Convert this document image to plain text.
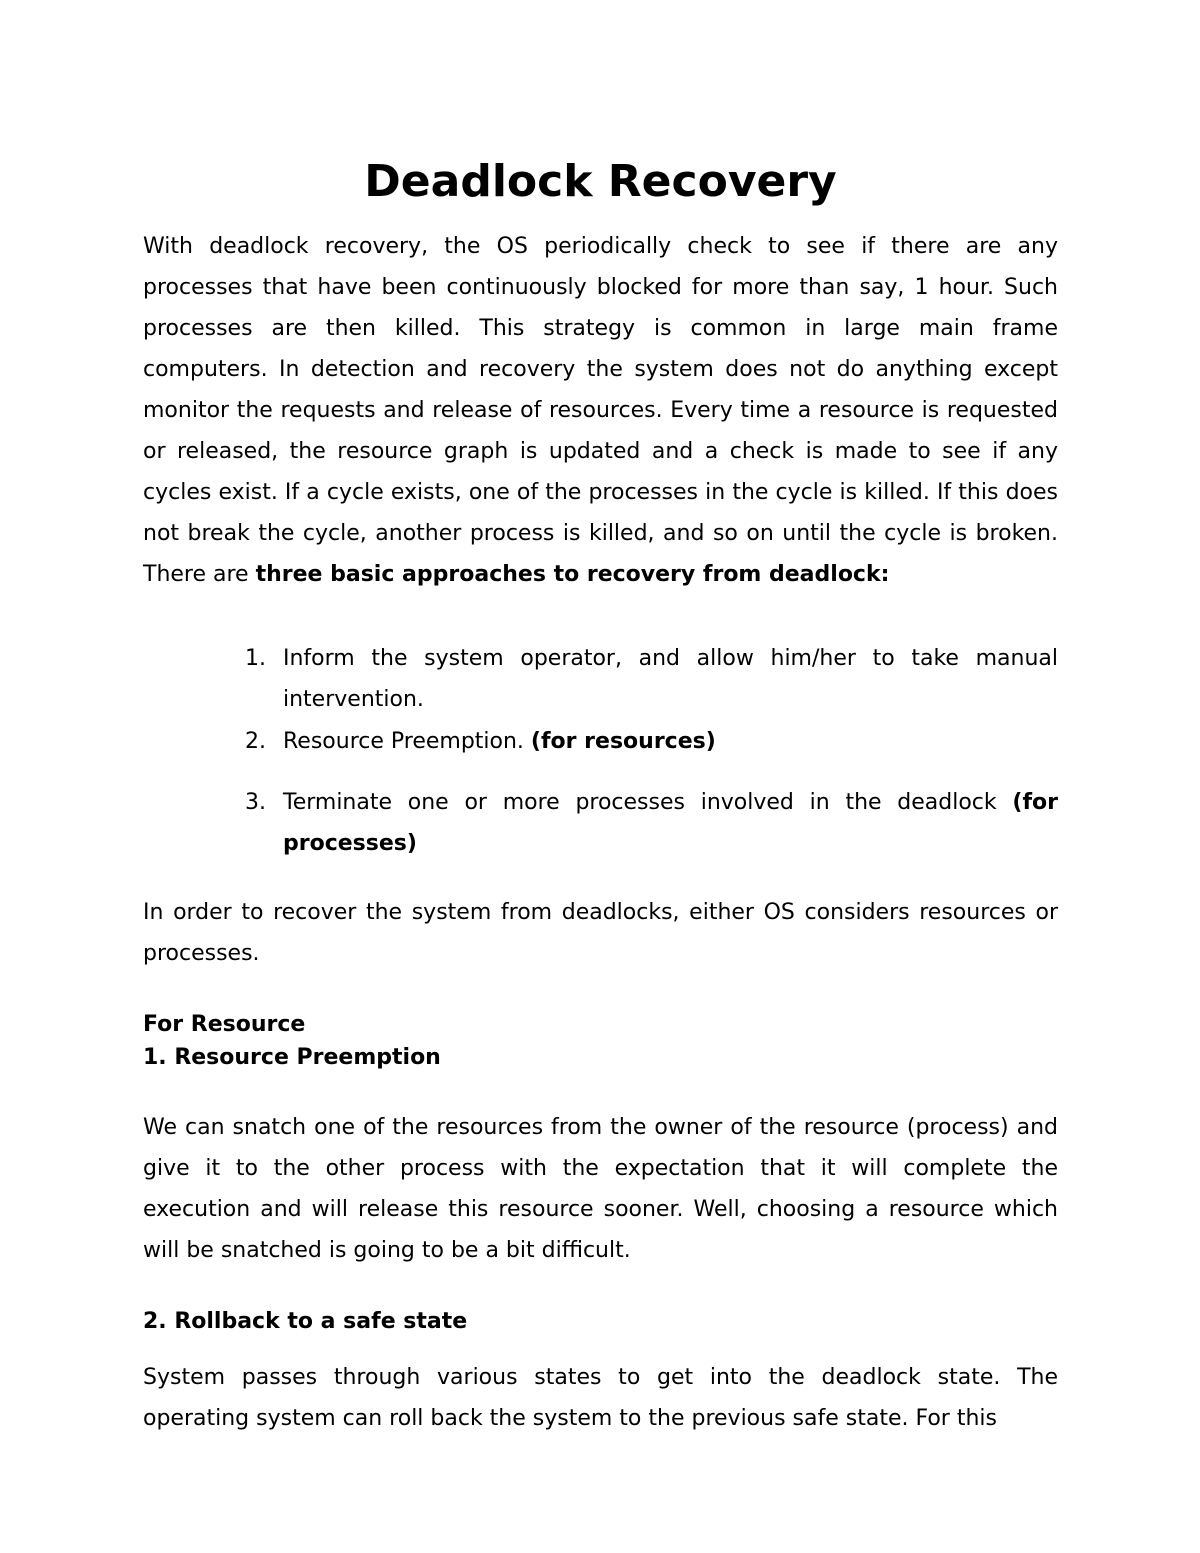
Deadlock Recovery

With deadlock recovery, the OS periodically check to see if there are any processes that have been continuously blocked for more than say, 1 hour. Such processes are then killed. This strategy is common in large main frame computers. In detection and recovery the system does not do anything except monitor the requests and release of resources. Every time a resource is requested or released, the resource graph is updated and a check is made to see if any cycles exist. If a cycle exists, one of the processes in the cycle is killed. If this does not break the cycle, another process is killed, and so on until the cycle is broken. There are three basic approaches to recovery from deadlock:

1. Inform the system operator, and allow him/her to take manual intervention.
2. Resource Preemption. (for resources)
3. Terminate one or more processes involved in the deadlock (for processes)

In order to recover the system from deadlocks, either OS considers resources or processes.

For Resource
1. Resource Preemption

We can snatch one of the resources from the owner of the resource (process) and give it to the other process with the expectation that it will complete the execution and will release this resource sooner. Well, choosing a resource which will be snatched is going to be a bit difficult.

2. Rollback to a safe state

System passes through various states to get into the deadlock state. The operating system can roll back the system to the previous safe state. For this
